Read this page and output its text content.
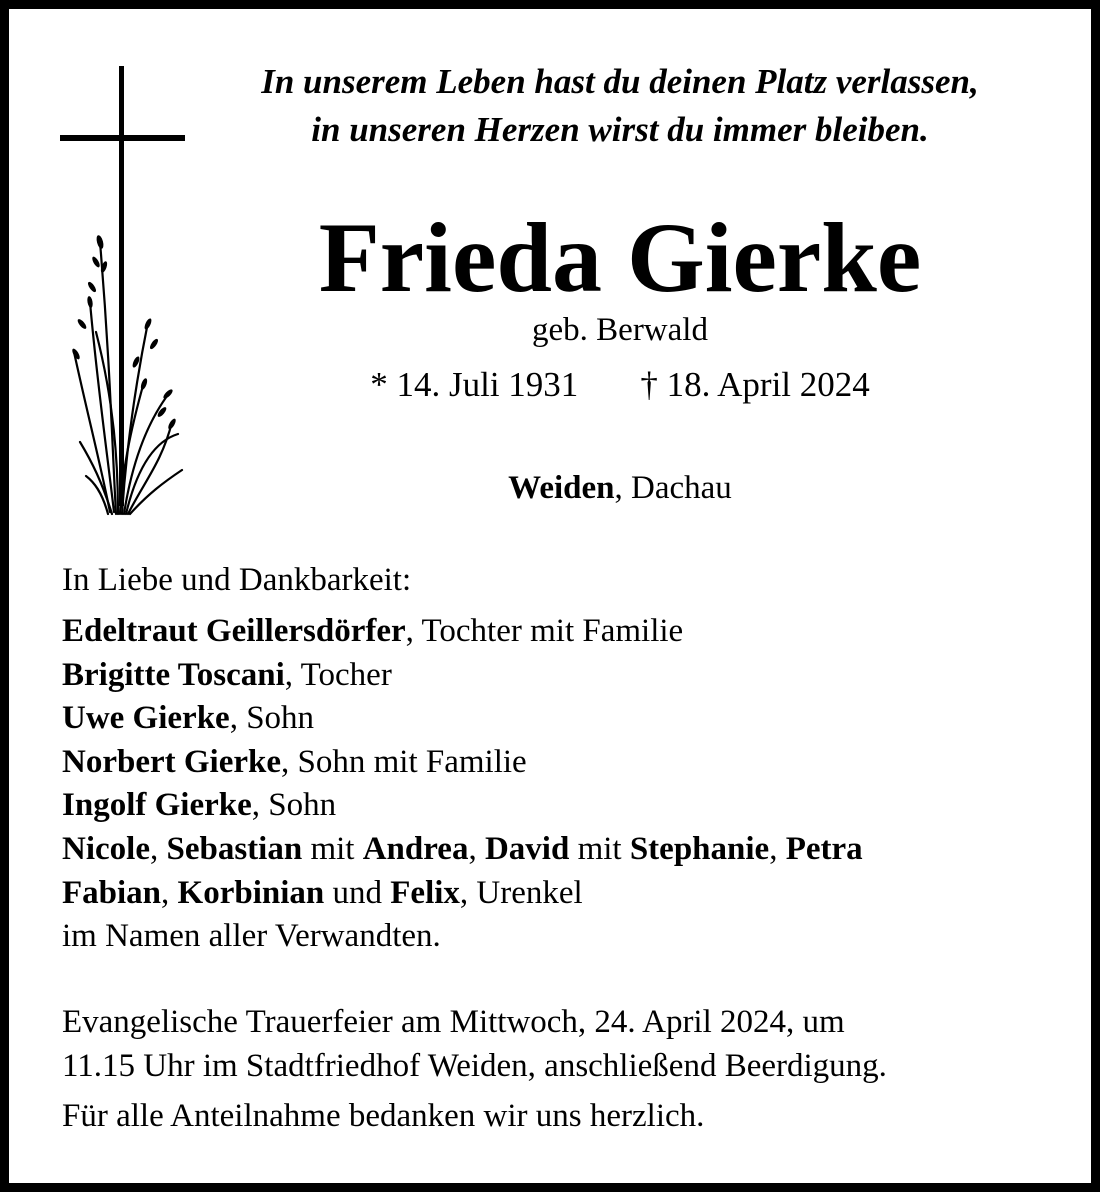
In unserem Leben hast du deinen Platz verlassen,
in unseren Herzen wirst du immer bleiben.
Frieda Gierke
geb. Berwald
* 14. Juli 1931 † 18. April 2024
Weiden, Dachau
In Liebe und Dankbarkeit:
Edeltraut Geillersdörfer, Tochter mit Familie
Brigitte Toscani, Tocher
Uwe Gierke, Sohn
Norbert Gierke, Sohn mit Familie
Ingolf Gierke, Sohn
Nicole, Sebastian mit Andrea, David mit Stephanie, Petra
Fabian, Korbinian und Felix, Urenkel
im Namen aller Verwandten.
Evangelische Trauerfeier am Mittwoch, 24. April 2024, um
11.15 Uhr im Stadtfriedhof Weiden, anschließend Beerdigung.
Für alle Anteilnahme bedanken wir uns herzlich.
